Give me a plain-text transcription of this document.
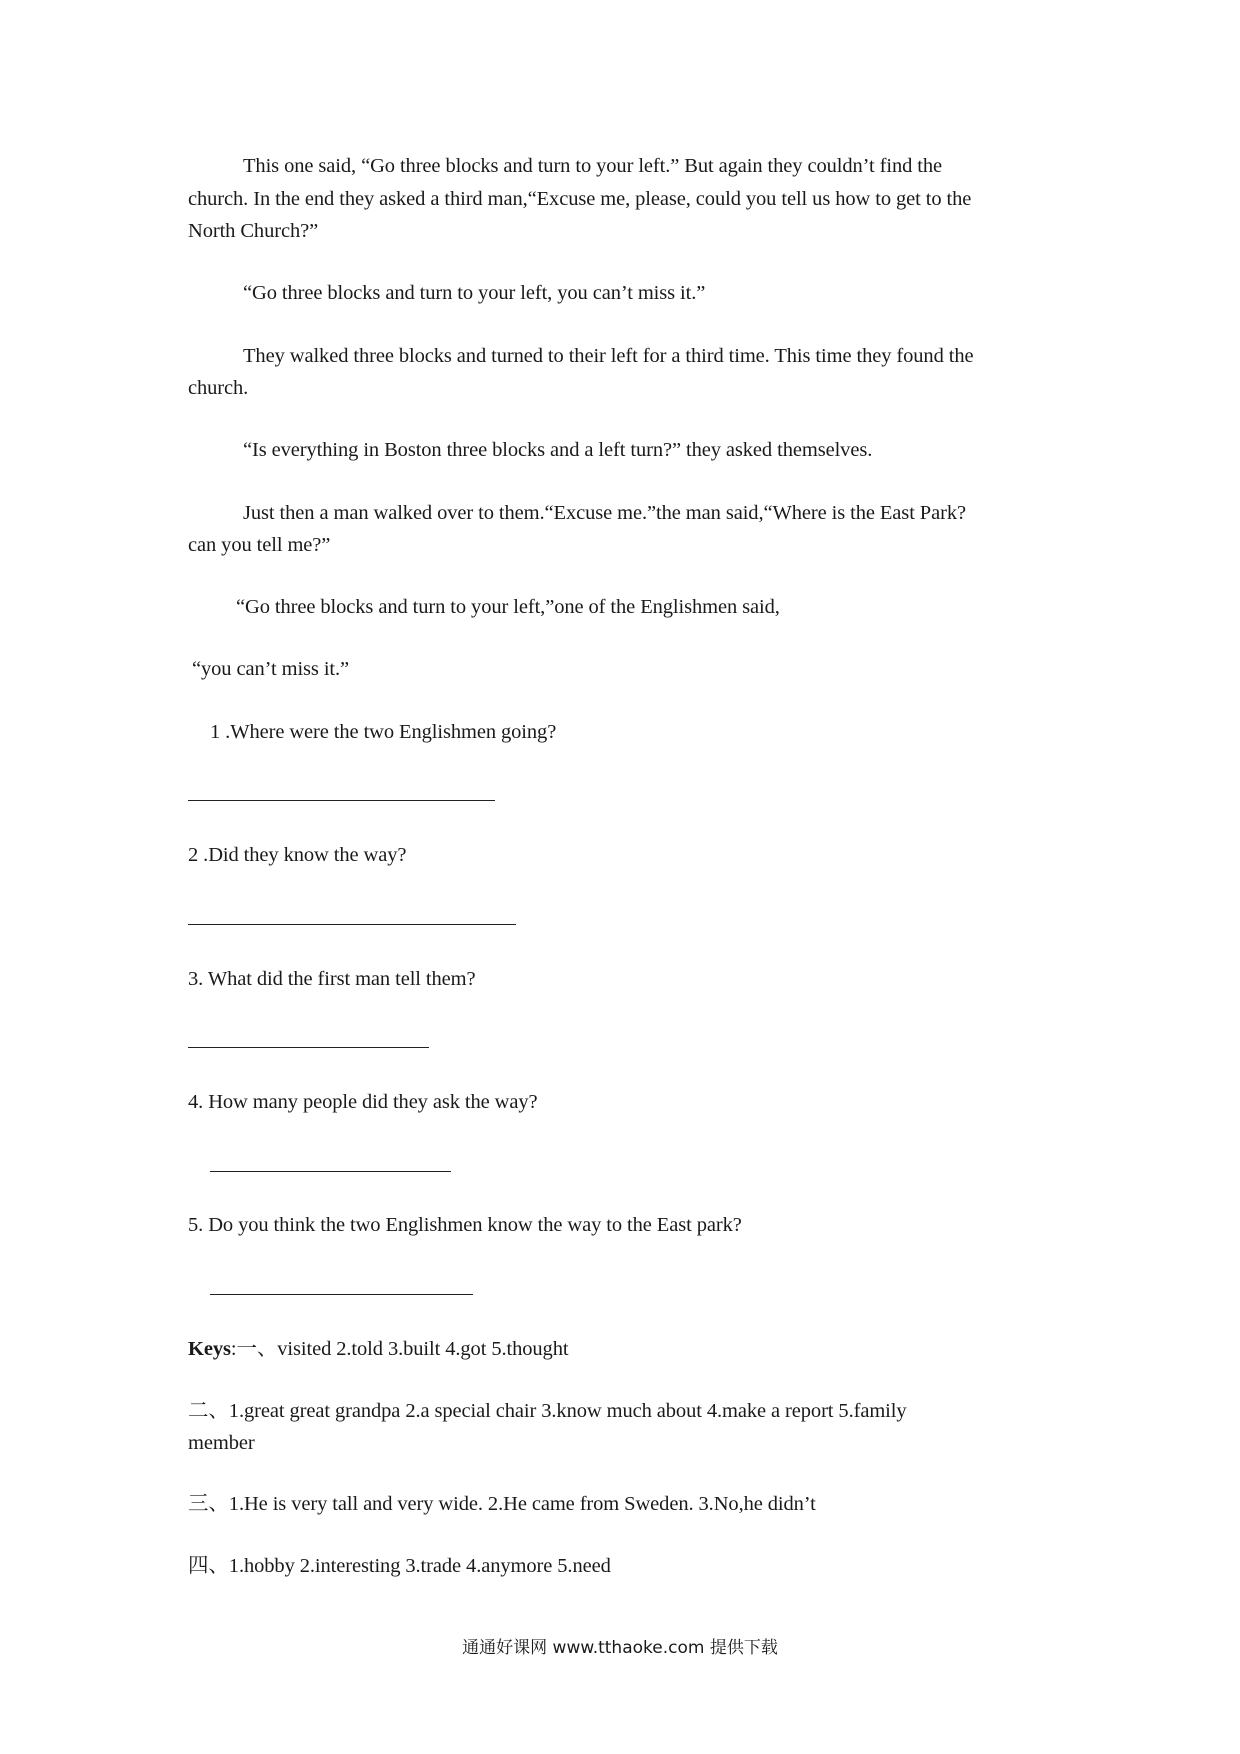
This one said, “Go three blocks and turn to your left.” But again they couldn’t find the
church. In the end they asked a third man,“Excuse me, please, could you tell us how to get to the
North Church?”
“Go three blocks and turn to your left, you can’t miss it.”
They walked three blocks and turned to their left for a third time. This time they found the
church.
“Is everything in Boston three blocks and a left turn?” they asked themselves.
Just then a man walked over to them.“Excuse me.”the man said,“Where is the East Park?
can you tell me?”
“Go three blocks and turn to your left,”one of the Englishmen said,
“you can’t miss it.”
1 .Where were the two Englishmen going?
2 .Did they know the way?
3. What did the first man tell them?
4. How many people did they ask the way?
5. Do you think the two Englishmen know the way to the East park?
Keys:一、visited 2.told 3.built 4.got 5.thought
二、1.great great grandpa 2.a special chair 3.know much about 4.make a report 5.family
member
三、1.He is very tall and very wide. 2.He came from Sweden. 3.No,he didn’t
四、1.hobby 2.interesting 3.trade 4.anymore 5.need
通通好课网 www.tthaoke.com 提供下载
